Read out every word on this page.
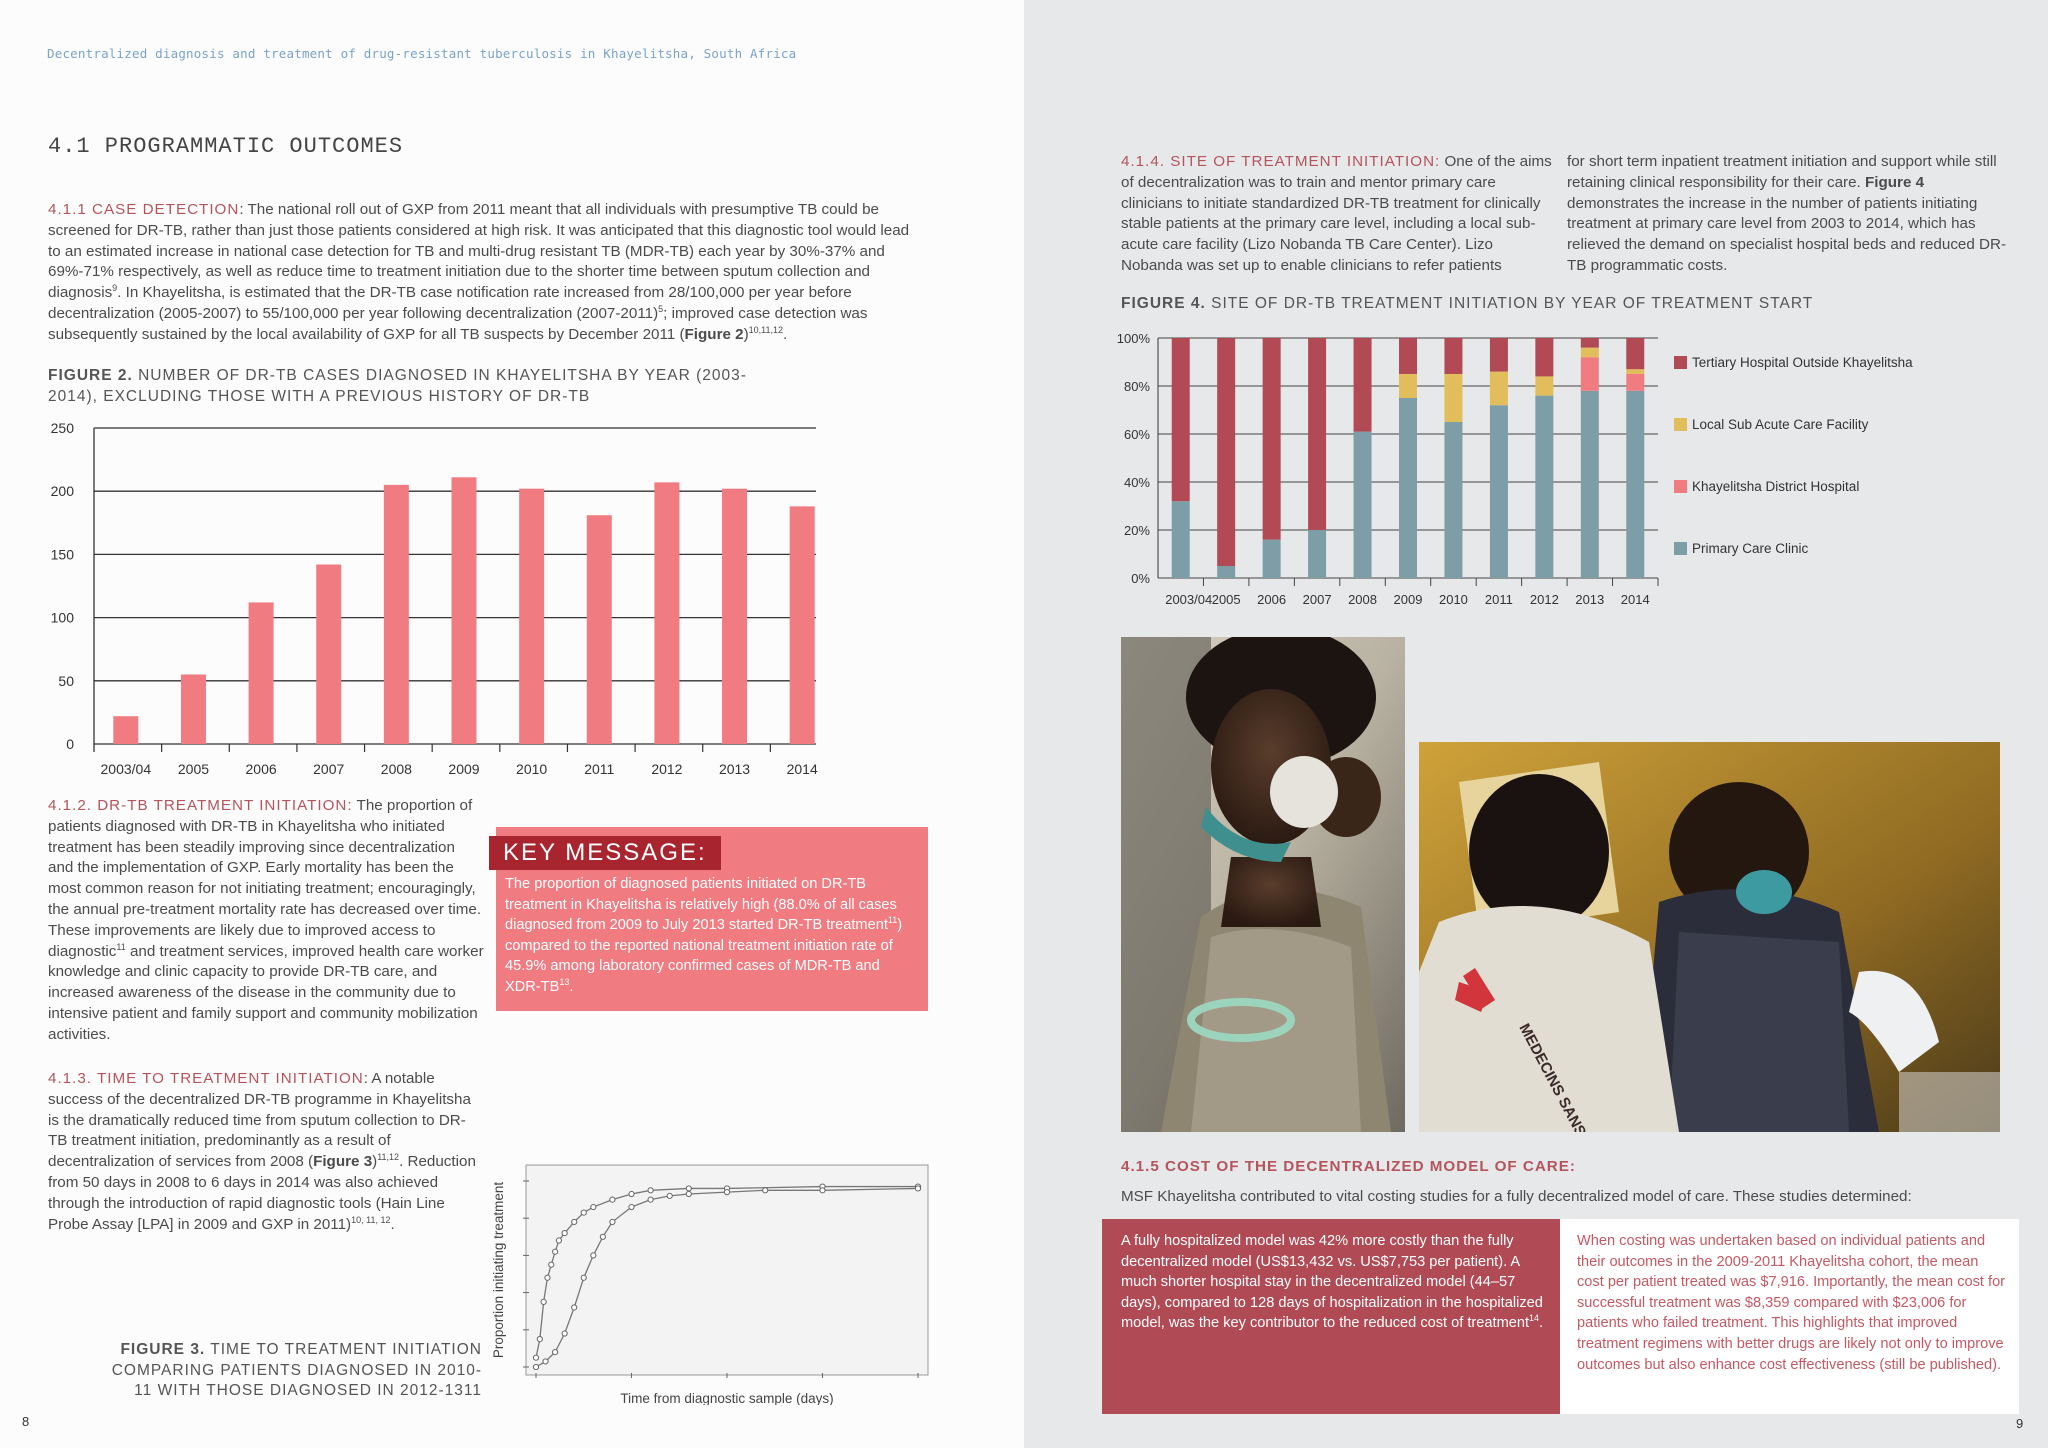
Decentralized diagnosis and treatment of drug-resistant tuberculosis in Khayelitsha, South Africa
4.1 PROGRAMMATIC OUTCOMES
4.1.1 CASE DETECTION: The national roll out of GXP from 2011 meant that all individuals with presumptive TB could be screened for DR-TB, rather than just those patients considered at high risk. It was anticipated that this diagnostic tool would lead to an estimated increase in national case detection for TB and multi-drug resistant TB (MDR-TB) each year by 30%-37% and 69%-71% respectively, as well as reduce time to treatment initiation due to the shorter time between sputum collection and diagnosis$^9$. In Khayelitsha, is estimated that the DR-TB case notification rate increased from 28/100,000 per year before decentralization (2005-2007) to 55/100,000 per year following decentralization (2007-2011)$^5$; improved case detection was subsequently sustained by the local availability of GXP for all TB suspects by December 2011 (Figure 2)$^{10,11,12}$.
FIGURE 2. NUMBER OF DR-TB CASES DIAGNOSED IN KHAYELITSHA BY YEAR (2003-2014), EXCLUDING THOSE WITH A PREVIOUS HISTORY OF DR-TB
250
200
150
100
50
0
2003/04 2005	2006	2007	2008	2009	2010	2011	2012	2013	2014
4.1.2. DR-TB TREATMENT INITIATION: The proportion of patients diagnosed with DR-TB in Khayelitsha who initiated treatment has been steadily improving since decentralization and the implementation of GXP. Early mortality has been the most common reason for not initiating treatment; encouragingly, the annual pre-treatment mortality rate has decreased over time. These improvements are likely due to improved access to diagnostic$^{11}$ and treatment services, improved health care worker knowledge and clinic capacity to provide DR-TB care, and increased awareness of the disease in the community due to intensive patient and family support and community mobilization activities.
KEY MESSAGE:
The proportion of diagnosed patients initiated on DR-TB treatment in Khayelitsha is relatively high (88.0% of all cases diagnosed from 2009 to July 2013 started DR-TB treatment$^{11}$) compared to the reported national treatment initiation rate of 45.9% among laboratory confirmed cases of MDR-TB and XDR-TB$^{13}$.
4.1.3. TIME TO TREATMENT INITIATION: A notable success of the decentralized DR-TB programme in Khayelitsha is the dramatically reduced time from sputum collection to DR-TB treatment initiation, predominantly as a result of decentralization of services from 2008 (Figure 3)$^{11,12}$. Reduction from 50 days in 2008 to 6 days in 2014 was also achieved through the introduction of rapid diagnostic tools (Hain Line Probe Assay [LPA] in 2009 and GXP in 2011)$^{10, 11, 12}$.
FIGURE 3. TIME TO TREATMENT INITIATION COMPARING PATIENTS DIAGNOSED IN 2010-11 WITH THOSE DIAGNOSED IN 2012-1311	Time from diagnostic sample (days)
Proportion initiating treatment
4.1.4. SITE OF TREATMENT INITIATION: One of the aims of decentralization was to train and mentor primary care clinicians to initiate standardized DR-TB treatment for clinically stable patients at the primary care level, including a local sub-acute care facility (Lizo Nobanda TB Care Center). Lizo Nobanda was set up to enable clinicians to refer patients
for short term inpatient treatment initiation and support while still retaining clinical responsibility for their care. Figure 4 demonstrates the increase in the number of patients initiating treatment at primary care level from 2003 to 2014, which has relieved the demand on specialist hospital beds and reduced DR-TB programmatic costs.
FIGURE 4. SITE OF DR-TB TREATMENT INITIATION BY YEAR OF TREATMENT START
100%
80%
60%
40%
20%
0%
2003/04 2005 2006 2007 2008 2009 2010 2011 2012 2013 2014
Tertiary Hospital Outside Khayelitsha
Local Sub Acute Care Facility
Khayelitsha District Hospital
Primary Care Clinic
4.1.5 COST OF THE DECENTRALIZED MODEL OF CARE:
MSF Khayelitsha contributed to vital costing studies for a fully decentralized model of care. These studies determined:
A fully hospitalized model was 42% more costly than the fully decentralized model (US$13,432 vs. US$7,753 per patient). A much shorter hospital stay in the decentralized model (44–57 days), compared to 128 days of hospitalization in the hospitalized model, was the key contributor to the reduced cost of treatment$^{14}$.
When costing was undertaken based on individual patients and their outcomes in the 2009-2011 Khayelitsha cohort, the mean cost per patient treated was $7,916. Importantly, the mean cost for successful treatment was $8,359 compared with $23,006 for patients who failed treatment. This highlights that improved treatment regimens with better drugs are likely not only to improve outcomes but also enhance cost effectiveness (still be published).
8	9
